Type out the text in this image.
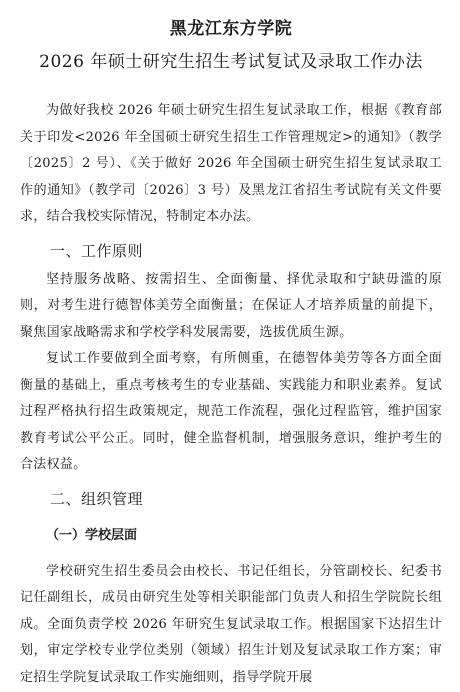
黑龙江东方学院
2026 年硕士研究生招生考试复试及录取工作办法

为做好我校 2026 年硕士研究生招生复试录取工作，根据《教育部关于印发<2026 年全国硕士研究生招生工作管理规定>的通知》（教学〔2025〕2 号）、《关于做好 2026 年全国硕士研究生招生复试录取工作的通知》（教学司〔2026〕3 号）及黑龙江省招生考试院有关文件要求，结合我校实际情况，特制定本办法。

一、工作原则

坚持服务战略、按需招生、全面衡量、择优录取和宁缺毋滥的原则，对考生进行德智体美劳全面衡量；在保证人才培养质量的前提下，聚焦国家战略需求和学校学科发展需要，选拔优质生源。

复试工作要做到全面考察，有所侧重，在德智体美劳等各方面全面衡量的基础上，重点考核考生的专业基础、实践能力和职业素养。复试过程严格执行招生政策规定，规范工作流程，强化过程监管，维护国家教育考试公平公正。同时，健全监督机制，增强服务意识，维护考生的合法权益。

二、组织管理
（一）学校层面

学校研究生招生委员会由校长、书记任组长，分管副校长、纪委书记任副组长，成员由研究生处等相关职能部门负责人和招生学院院长组成。全面负责学校 2026 年研究生复试录取工作。根据国家下达招生计划，审定学校专业学位类别（领域）招生计划及复试录取工作方案；审定招生学院复试录取工作实施细则，指导学院开展
